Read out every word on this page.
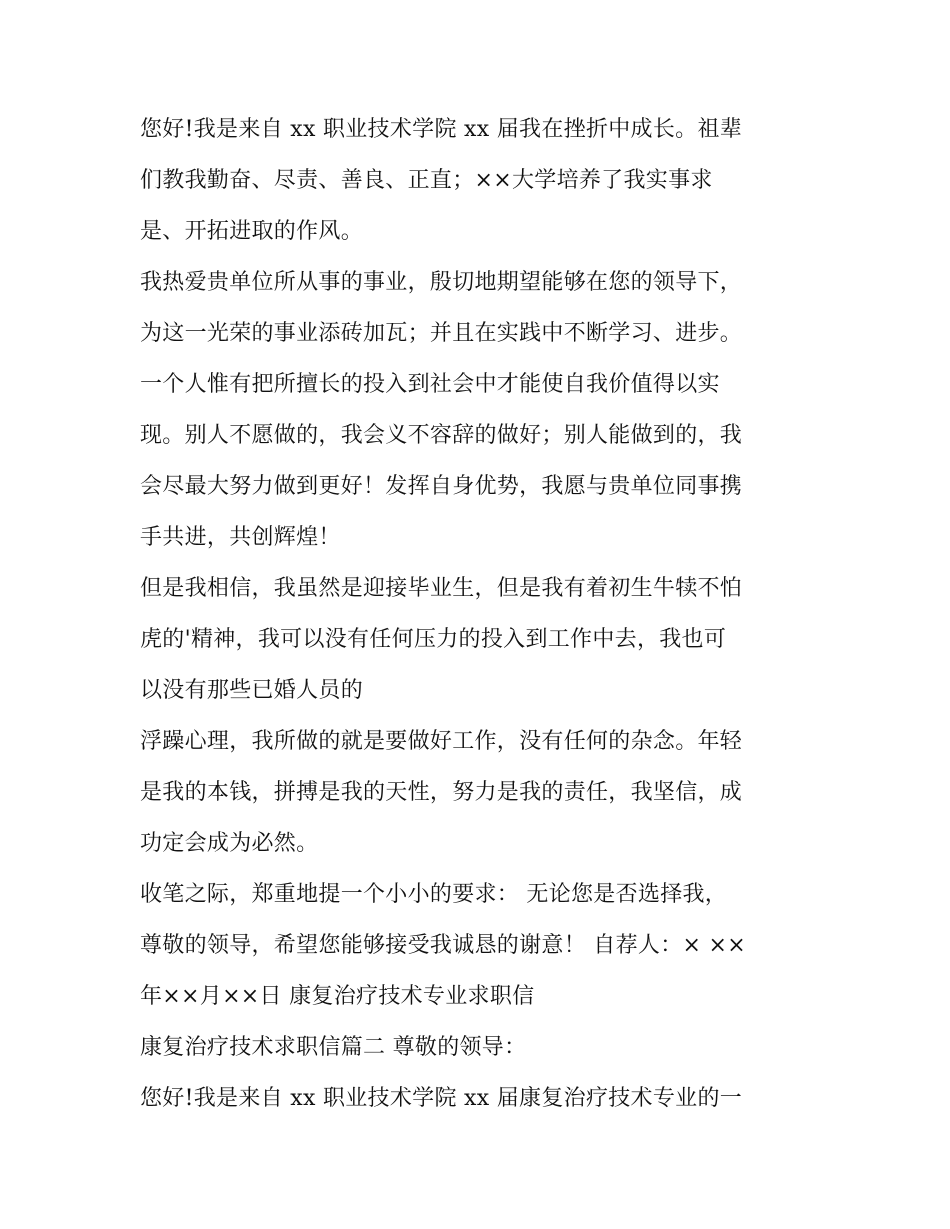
您好!我是来自 xx 职业技术学院 xx 届我在挫折中成长。祖辈
们教我勤奋、尽责、善良、正直；××大学培养了我实事求
是、开拓进取的作风。
我热爱贵单位所从事的事业，殷切地期望能够在您的领导下，
为这一光荣的事业添砖加瓦；并且在实践中不断学习、进步。
一个人惟有把所擅长的投入到社会中才能使自我价值得以实
现。别人不愿做的，我会义不容辞的做好；别人能做到的，我
会尽最大努力做到更好！发挥自身优势，我愿与贵单位同事携
手共进，共创辉煌！
但是我相信，我虽然是迎接毕业生，但是我有着初生牛犊不怕
虎的'精神，我可以没有任何压力的投入到工作中去，我也可
以没有那些已婚人员的
浮躁心理，我所做的就是要做好工作，没有任何的杂念。年轻
是我的本钱，拼搏是我的天性，努力是我的责任，我坚信，成
功定会成为必然。
收笔之际，郑重地提一个小小的要求： 无论您是否选择我，
尊敬的领导，希望您能够接受我诚恳的谢意！ 自荐人：× ××
年××月××日 康复治疗技术专业求职信
康复治疗技术求职信篇二 尊敬的领导：
您好!我是来自 xx 职业技术学院 xx 届康复治疗技术专业的一
